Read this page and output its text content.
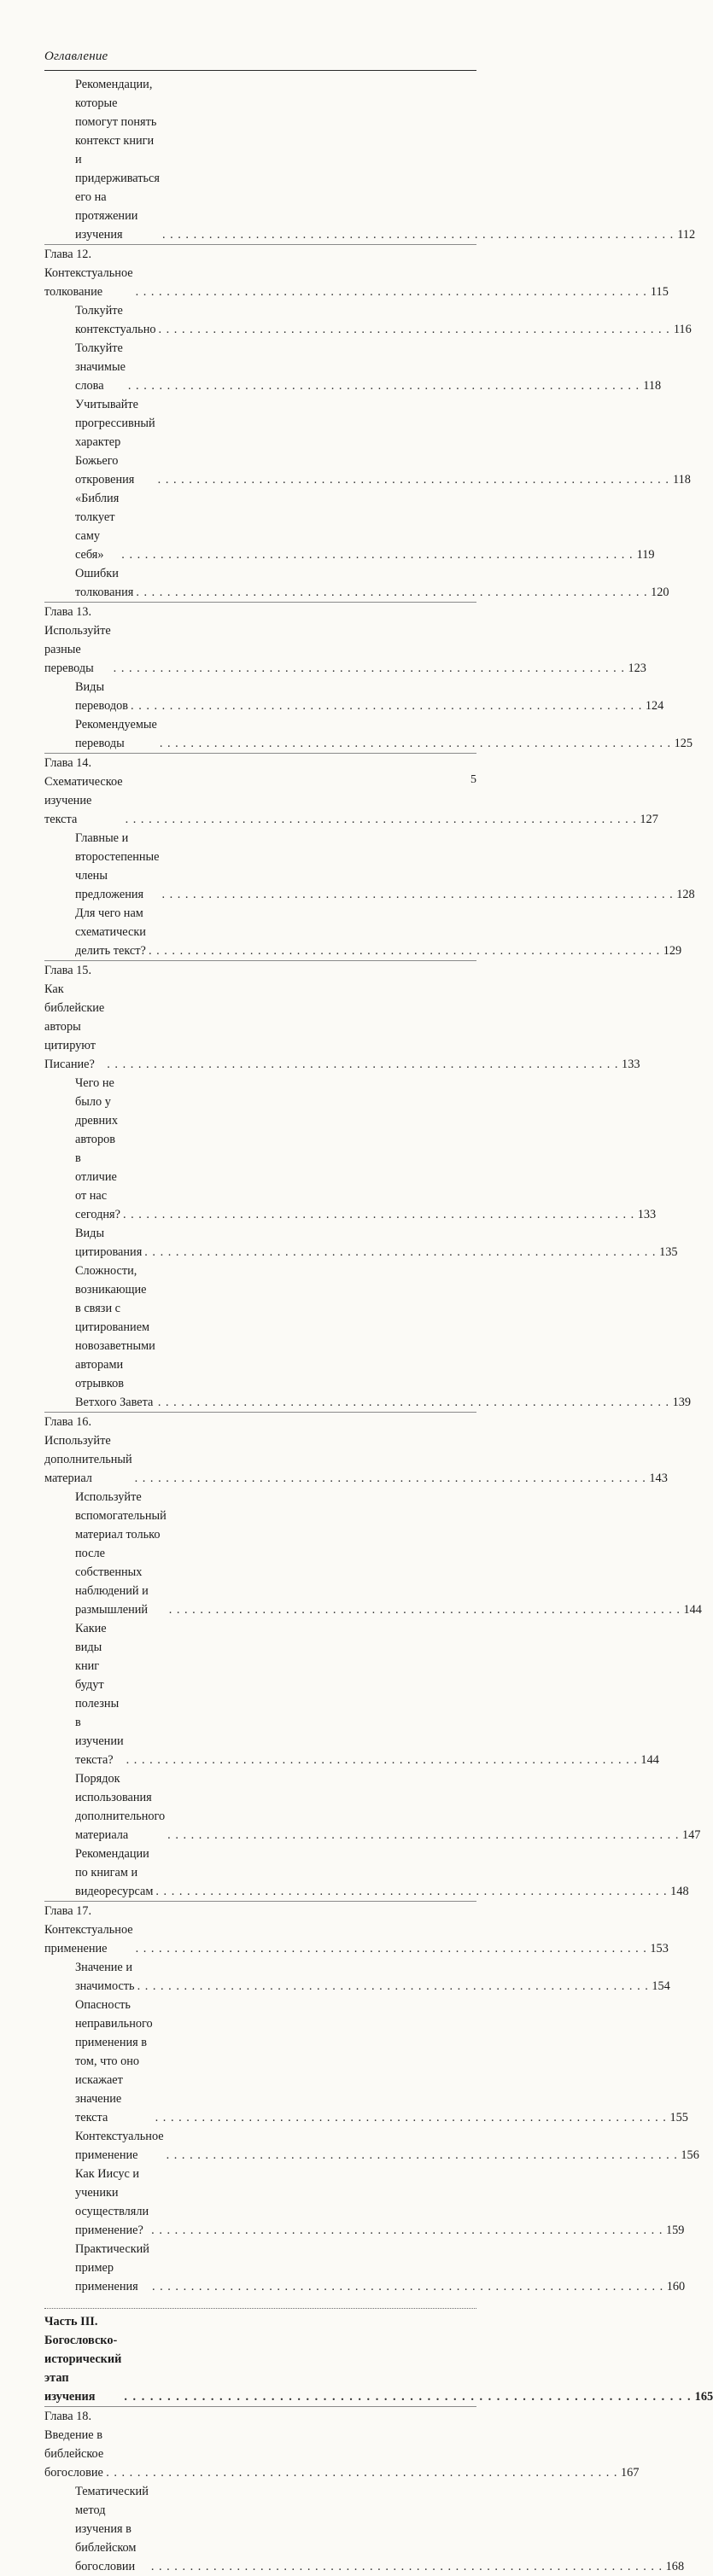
Оглавление
Рекомендации, которые помогут понять контекст книги
и придерживаться его на протяжении изучения	. . . . . . . . . . . . . . . . . . . . . . . . . . . . . . . . . . . . . . . . . . . . . . . . . . . . . . . . . . . . . . . . . . 112
Глава 12. Контекстуальное толкование	. . . . . . . . . . . . . . . . . . . . . . . . . . . . . . . . . . . . . . . . . . . . . . . . . . . . . . . . . . . . . . . . . . 115
Толкуйте контекстуально . . . . . . . . . . . . . . . . . . . . . . . . . . . . . . . . . . . . . . . . . . . . . . . . . . . . . . . . . . . . . . . . . . 116
Толкуйте значимые слова	. . . . . . . . . . . . . . . . . . . . . . . . . . . . . . . . . . . . . . . . . . . . . . . . . . . . . . . . . . . . . . . . . . 118
Учитывайте прогрессивный характер Божьего откровения	. . . . . . . . . . . . . . . . . . . . . . . . . . . . . . . . . . . . . . . . . . . . . . . . . . . . . . . . . . . . . . . . . . 118
«Библия толкует саму себя»	. . . . . . . . . . . . . . . . . . . . . . . . . . . . . . . . . . . . . . . . . . . . . . . . . . . . . . . . . . . . . . . . . . 119
Ошибки толкования . . . . . . . . . . . . . . . . . . . . . . . . . . . . . . . . . . . . . . . . . . . . . . . . . . . . . . . . . . . . . . . . . . 120
Глава 13. Используйте разные переводы	. . . . . . . . . . . . . . . . . . . . . . . . . . . . . . . . . . . . . . . . . . . . . . . . . . . . . . . . . . . . . . . . . . 123
Виды переводов . . . . . . . . . . . . . . . . . . . . . . . . . . . . . . . . . . . . . . . . . . . . . . . . . . . . . . . . . . . . . . . . . . 124
Рекомендуемые переводы	. . . . . . . . . . . . . . . . . . . . . . . . . . . . . . . . . . . . . . . . . . . . . . . . . . . . . . . . . . . . . . . . . . 125
Глава 14. Схематическое изучение текста	. . . . . . . . . . . . . . . . . . . . . . . . . . . . . . . . . . . . . . . . . . . . . . . . . . . . . . . . . . . . . . . . . . 127
Главные и второстепенные члены предложения	. . . . . . . . . . . . . . . . . . . . . . . . . . . . . . . . . . . . . . . . . . . . . . . . . . . . . . . . . . . . . . . . . . 128
Для чего нам схематически делить текст? . . . . . . . . . . . . . . . . . . . . . . . . . . . . . . . . . . . . . . . . . . . . . . . . . . . . . . . . . . . . . . . . . . 129
Глава 15. Как библейские авторы цитируют Писание?	. . . . . . . . . . . . . . . . . . . . . . . . . . . . . . . . . . . . . . . . . . . . . . . . . . . . . . . . . . . . . . . . . . 133
Чего не было у древних авторов в отличие от нас сегодня? . . . . . . . . . . . . . . . . . . . . . . . . . . . . . . . . . . . . . . . . . . . . . . . . . . . . . . . . . . . . . . . . . . 133
Виды цитирования . . . . . . . . . . . . . . . . . . . . . . . . . . . . . . . . . . . . . . . . . . . . . . . . . . . . . . . . . . . . . . . . . . 135
Сложности, возникающие в связи с цитированием
новозаветными авторами отрывков Ветхого Завета . . . . . . . . . . . . . . . . . . . . . . . . . . . . . . . . . . . . . . . . . . . . . . . . . . . . . . . . . . . . . . . . . . 139
Глава 16. Используйте дополнительный материал	. . . . . . . . . . . . . . . . . . . . . . . . . . . . . . . . . . . . . . . . . . . . . . . . . . . . . . . . . . . . . . . . . . 143
Используйте вспомогательный материал только после
собственных наблюдений и размышлений	. . . . . . . . . . . . . . . . . . . . . . . . . . . . . . . . . . . . . . . . . . . . . . . . . . . . . . . . . . . . . . . . . . 144
Какие виды книг будут полезны в изучении текста?	. . . . . . . . . . . . . . . . . . . . . . . . . . . . . . . . . . . . . . . . . . . . . . . . . . . . . . . . . . . . . . . . . . 144
Порядок использования дополнительного материала	. . . . . . . . . . . . . . . . . . . . . . . . . . . . . . . . . . . . . . . . . . . . . . . . . . . . . . . . . . . . . . . . . . 147
Рекомендации по книгам и видеоресурсам . . . . . . . . . . . . . . . . . . . . . . . . . . . . . . . . . . . . . . . . . . . . . . . . . . . . . . . . . . . . . . . . . . 148
Глава 17. Контекстуальное применение	. . . . . . . . . . . . . . . . . . . . . . . . . . . . . . . . . . . . . . . . . . . . . . . . . . . . . . . . . . . . . . . . . . 153
Значение и значимость . . . . . . . . . . . . . . . . . . . . . . . . . . . . . . . . . . . . . . . . . . . . . . . . . . . . . . . . . . . . . . . . . . 154
Опасность неправильного применения в том, что оно искажает
значение текста	. . . . . . . . . . . . . . . . . . . . . . . . . . . . . . . . . . . . . . . . . . . . . . . . . . . . . . . . . . . . . . . . . . 155
Контекстуальное применение	. . . . . . . . . . . . . . . . . . . . . . . . . . . . . . . . . . . . . . . . . . . . . . . . . . . . . . . . . . . . . . . . . . 156
Как Иисус и ученики осуществляли применение? . . . . . . . . . . . . . . . . . . . . . . . . . . . . . . . . . . . . . . . . . . . . . . . . . . . . . . . . . . . . . . . . . . 159
Практический пример применения	. . . . . . . . . . . . . . . . . . . . . . . . . . . . . . . . . . . . . . . . . . . . . . . . . . . . . . . . . . . . . . . . . . 160
Часть III. Богословско-исторический этап изучения	. . . . . . . . . . . . . . . . . . . . . . . . . . . . . . . . . . . . . . . . . . . . . . . . . . . . . . . . . . . . . . . . . . 165
Глава 18. Введение в библейское богословие . . . . . . . . . . . . . . . . . . . . . . . . . . . . . . . . . . . . . . . . . . . . . . . . . . . . . . . . . . . . . . . . . . 167
Тематический метод изучения в библейском богословии	. . . . . . . . . . . . . . . . . . . . . . . . . . . . . . . . . . . . . . . . . . . . . . . . . . . . . . . . . . . . . . . . . . 168
5
